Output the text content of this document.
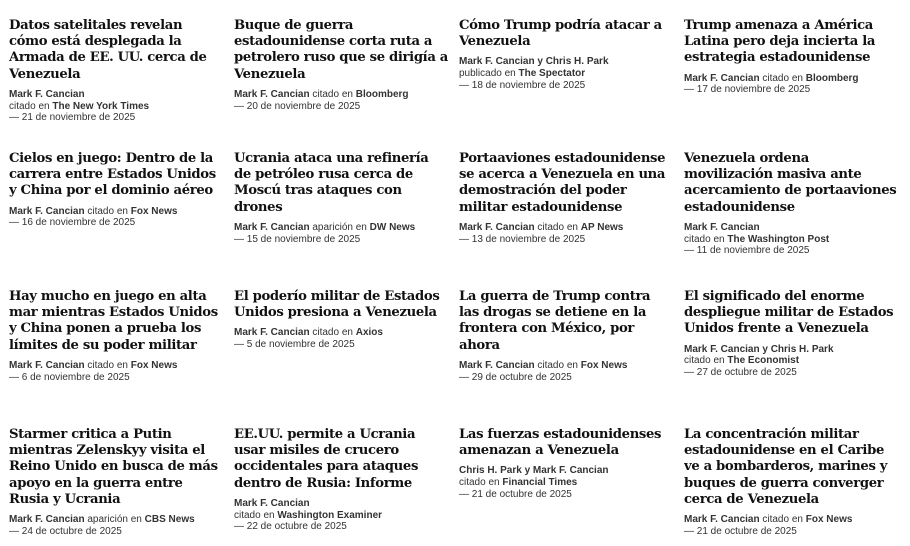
Datos satelitales revelan cómo está desplegada la Armada de EE. UU. cerca de Venezuela
Mark F. Cancian
citado en The New York Times
— 21 de noviembre de 2025
Buque de guerra estadounidense corta ruta a petrolero ruso que se dirigía a Venezuela
Mark F. Cancian citado en Bloomberg
— 20 de noviembre de 2025
Cómo Trump podría atacar a Venezuela
Mark F. Cancian y Chris H. Park
publicado en The Spectator
— 18 de noviembre de 2025
Trump amenaza a América Latina pero deja incierta la estrategia estadounidense
Mark F. Cancian citado en Bloomberg
— 17 de noviembre de 2025
Cielos en juego: Dentro de la carrera entre Estados Unidos y China por el dominio aéreo
Mark F. Cancian citado en Fox News
— 16 de noviembre de 2025
Ucrania ataca una refinería de petróleo rusa cerca de Moscú tras ataques con drones
Mark F. Cancian aparición en DW News
— 15 de noviembre de 2025
Portaaviones estadounidense se acerca a Venezuela en una demostración del poder militar estadounidense
Mark F. Cancian citado en AP News
— 13 de noviembre de 2025
Venezuela ordena movilización masiva ante acercamiento de portaaviones estadounidense
Mark F. Cancian
citado en The Washington Post
— 11 de noviembre de 2025
Hay mucho en juego en alta mar mientras Estados Unidos y China ponen a prueba los límites de su poder militar
Mark F. Cancian citado en Fox News
— 6 de noviembre de 2025
El poderío militar de Estados Unidos presiona a Venezuela
Mark F. Cancian citado en Axios
— 5 de noviembre de 2025
La guerra de Trump contra las drogas se detiene en la frontera con México, por ahora
Mark F. Cancian citado en Fox News
— 29 de octubre de 2025
El significado del enorme despliegue militar de Estados Unidos frente a Venezuela
Mark F. Cancian y Chris H. Park
citado en The Economist
— 27 de octubre de 2025
Starmer critica a Putin mientras Zelenskyy visita el Reino Unido en busca de más apoyo en la guerra entre Rusia y Ucrania
Mark F. Cancian aparición en CBS News
— 24 de octubre de 2025
EE.UU. permite a Ucrania usar misiles de crucero occidentales para ataques dentro de Rusia: Informe
Mark F. Cancian
citado en Washington Examiner
— 22 de octubre de 2025
Las fuerzas estadounidenses amenazan a Venezuela
Chris H. Park y Mark F. Cancian
citado en Financial Times
— 21 de octubre de 2025
La concentración militar estadounidense en el Caribe ve a bombarderos, marines y buques de guerra converger cerca de Venezuela
Mark F. Cancian citado en Fox News
— 21 de octubre de 2025
